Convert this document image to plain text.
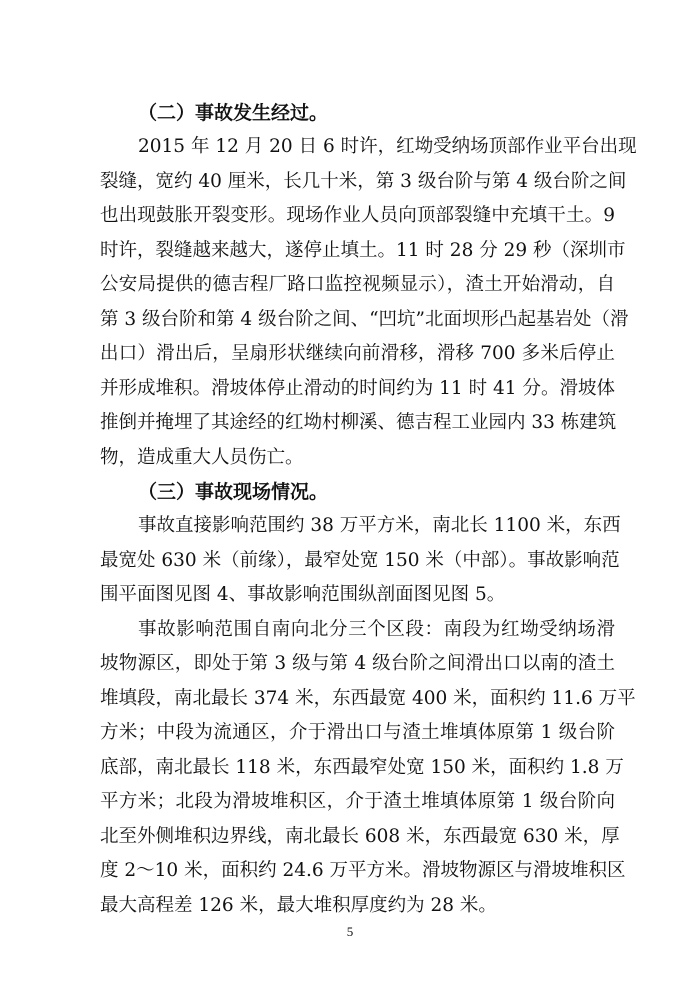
（二）事故发生经过。

2015 年 12 月 20 日 6 时许，红坳受纳场顶部作业平台出现
裂缝，宽约 40 厘米，长几十米，第 3 级台阶与第 4 级台阶之间
也出现鼓胀开裂变形。现场作业人员向顶部裂缝中充填干土。9
时许，裂缝越来越大，遂停止填土。11 时 28 分 29 秒（深圳市
公安局提供的德吉程厂路口监控视频显示），渣土开始滑动，自
第 3 级台阶和第 4 级台阶之间、“凹坑”北面坝形凸起基岩处（滑
出口）滑出后，呈扇形状继续向前滑移，滑移 700 多米后停止
并形成堆积。滑坡体停止滑动的时间约为 11 时 41 分。滑坡体
推倒并掩埋了其途经的红坳村柳溪、德吉程工业园内 33 栋建筑
物，造成重大人员伤亡。

（三）事故现场情况。

事故直接影响范围约 38 万平方米，南北长 1100 米，东西
最宽处 630 米（前缘），最窄处宽 150 米（中部）。事故影响范
围平面图见图 4、事故影响范围纵剖面图见图 5。
事故影响范围自南向北分三个区段：南段为红坳受纳场滑
坡物源区，即处于第 3 级与第 4 级台阶之间滑出口以南的渣土
堆填段，南北最长 374 米，东西最宽 400 米，面积约 11.6 万平
方米；中段为流通区，介于滑出口与渣土堆填体原第 1 级台阶
底部，南北最长 118 米，东西最窄处宽 150 米，面积约 1.8 万
平方米；北段为滑坡堆积区，介于渣土堆填体原第 1 级台阶向
北至外侧堆积边界线，南北最长 608 米，东西最宽 630 米，厚
度 2～10 米，面积约 24.6 万平方米。滑坡物源区与滑坡堆积区
最大高程差 126 米，最大堆积厚度约为 28 米。
5
